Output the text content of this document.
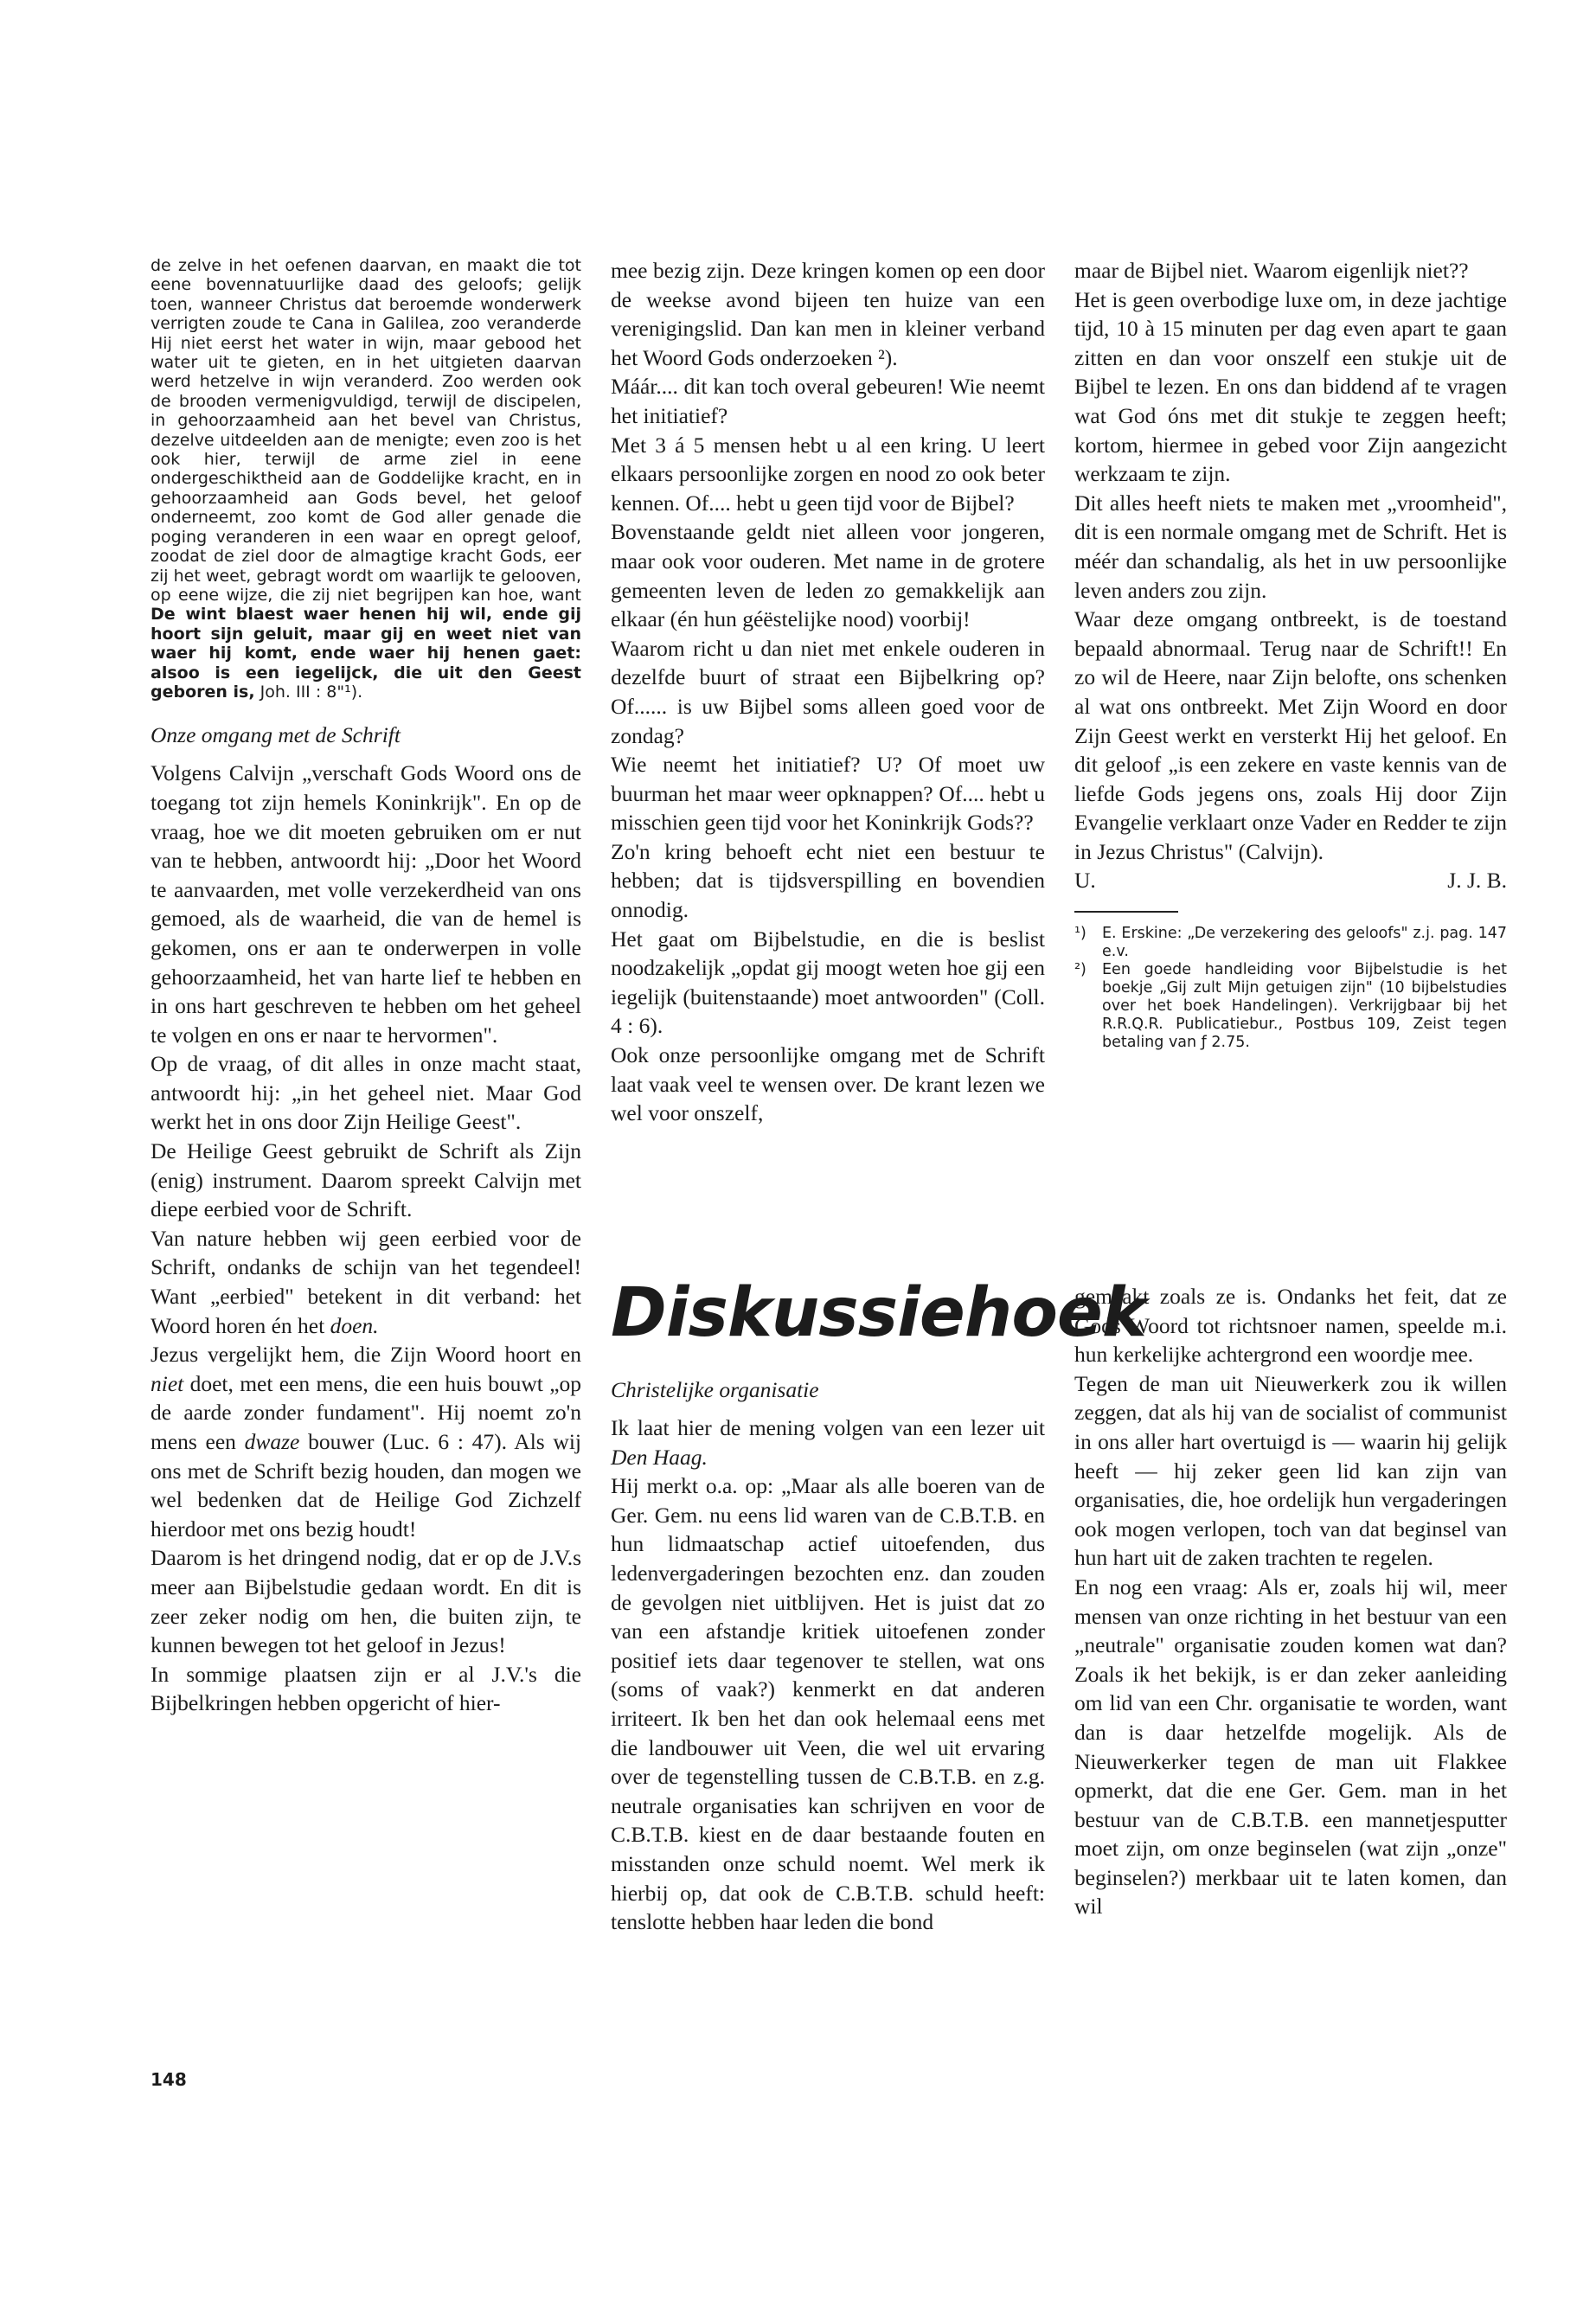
de zelve in het oefenen daarvan, en maakt die tot eene bovennatuurlijke daad des geloofs; gelijk toen, wanneer Christus dat beroemde wonderwerk verrigten zoude te Cana in Galilea, zoo veranderde Hij niet eerst het water in wijn, maar gebood het water uit te gieten, en in het uitgieten daarvan werd hetzelve in wijn veranderd. Zoo werden ook de brooden vermenigvuldigd, terwijl de discipelen, in gehoorzaamheid aan het bevel van Christus, dezelve uitdeelden aan de menigte; even zoo is het ook hier, terwijl de arme ziel in eene ondergeschiktheid aan de Goddelijke kracht, en in gehoorzaamheid aan Gods bevel, het geloof onderneemt, zoo komt de God aller genade die poging veranderen in een waar en opregt geloof, zoodat de ziel door de almagtige kracht Gods, eer zij het weet, gebragt wordt om waarlijk te gelooven, op eene wijze, die zij niet begrijpen kan hoe, want De wint blaest waer henen hij wil, ende gij hoort sijn geluit, maar gij en weet niet van waer hij komt, ende waer hij henen gaet: alsoo is een iegelijck, die uit den Geest geboren is, Joh. III : 8"¹).

Onze omgang met de Schrift

Volgens Calvijn „verschaft Gods Woord ons de toegang tot zijn hemels Koninkrijk". En op de vraag, hoe we dit moeten gebruiken om er nut van te hebben, antwoordt hij: „Door het Woord te aanvaarden, met volle verzekerdheid van ons gemoed, als de waarheid, die van de hemel is gekomen, ons er aan te onderwerpen in volle gehoorzaamheid, het van harte lief te hebben en in ons hart geschreven te hebben om het geheel te volgen en ons er naar te hervormen".

Op de vraag, of dit alles in onze macht staat, antwoordt hij: „in het geheel niet. Maar God werkt het in ons door Zijn Heilige Geest".

De Heilige Geest gebruikt de Schrift als Zijn (enig) instrument. Daarom spreekt Calvijn met diepe eerbied voor de Schrift.

Van nature hebben wij geen eerbied voor de Schrift, ondanks de schijn van het tegendeel! Want „eerbied" betekent in dit verband: het Woord horen én het doen.

Jezus vergelijkt hem, die Zijn Woord hoort en niet doet, met een mens, die een huis bouwt „op de aarde zonder fundament". Hij noemt zo'n mens een dwaze bouwer (Luc. 6 : 47). Als wij ons met de Schrift bezig houden, dan mogen we wel bedenken dat de Heilige God Zichzelf hierdoor met ons bezig houdt!

Daarom is het dringend nodig, dat er op de J.V.s meer aan Bijbelstudie gedaan wordt. En dit is zeer zeker nodig om hen, die buiten zijn, te kunnen bewegen tot het geloof in Jezus!

In sommige plaatsen zijn er al J.V.'s die Bijbelkringen hebben opgericht of hier-

mee bezig zijn. Deze kringen komen op een door de weekse avond bijeen ten huize van een verenigingslid. Dan kan men in kleiner verband het Woord Gods onderzoeken ²).

Máár.... dit kan toch overal gebeuren! Wie neemt het initiatief?

Met 3 á 5 mensen hebt u al een kring. U leert elkaars persoonlijke zorgen en nood zo ook beter kennen. Of.... hebt u geen tijd voor de Bijbel?

Bovenstaande geldt niet alleen voor jongeren, maar ook voor ouderen. Met name in de grotere gemeenten leven de leden zo gemakkelijk aan elkaar (én hun géëstelijke nood) voorbij!

Waarom richt u dan niet met enkele ouderen in dezelfde buurt of straat een Bijbelkring op? Of...... is uw Bijbel soms alleen goed voor de zondag?

Wie neemt het initiatief? U? Of moet uw buurman het maar weer opknappen? Of.... hebt u misschien geen tijd voor het Koninkrijk Gods??

Zo'n kring behoeft echt niet een bestuur te hebben; dat is tijdsverspilling en bovendien onnodig.

Het gaat om Bijbelstudie, en die is beslist noodzakelijk „opdat gij moogt weten hoe gij een iegelijk (buitenstaande) moet antwoorden" (Coll. 4 : 6).

Ook onze persoonlijke omgang met de Schrift laat vaak veel te wensen over. De krant lezen we wel voor onszelf,

maar de Bijbel niet. Waarom eigenlijk niet??

Het is geen overbodige luxe om, in deze jachtige tijd, 10 à 15 minuten per dag even apart te gaan zitten en dan voor onszelf een stukje uit de Bijbel te lezen. En ons dan biddend af te vragen wat God óns met dit stukje te zeggen heeft; kortom, hiermee in gebed voor Zijn aangezicht werkzaam te zijn.

Dit alles heeft niets te maken met „vroomheid", dit is een normale omgang met de Schrift. Het is méér dan schandalig, als het in uw persoonlijke leven anders zou zijn.

Waar deze omgang ontbreekt, is de toestand bepaald abnormaal. Terug naar de Schrift!! En zo wil de Heere, naar Zijn belofte, ons schenken al wat ons ontbreekt. Met Zijn Woord en door Zijn Geest werkt en versterkt Hij het geloof. En dit geloof „is een zekere en vaste kennis van de liefde Gods jegens ons, zoals Hij door Zijn Evangelie verklaart onze Vader en Redder te zijn in Jezus Christus" (Calvijn).

U.	J. J. B.
¹)	E. Erskine: „De verzekering des geloofs" z.j. pag. 147 e.v.
²)	Een goede handleiding voor Bijbelstudie is het boekje „Gij zult Mijn getuigen zijn" (10 bijbelstudies over het boek Handelingen). Verkrijgbaar bij het R.R.Q.R. Publicatiebur., Postbus 109, Zeist tegen betaling van ƒ 2.75.
Diskussiehoek
Christelijke organisatie

Ik laat hier de mening volgen van een lezer uit Den Haag.

Hij merkt o.a. op: „Maar als alle boeren van de Ger. Gem. nu eens lid waren van de C.B.T.B. en hun lidmaatschap actief uitoefenden, dus ledenvergaderingen bezochten enz. dan zouden de gevolgen niet uitblijven. Het is juist dat zo van een afstandje kritiek uitoefenen zonder positief iets daar tegenover te stellen, wat ons (soms of vaak?) kenmerkt en dat anderen irriteert. Ik ben het dan ook helemaal eens met die landbouwer uit Veen, die wel uit ervaring over de tegenstelling tussen de C.B.T.B. en z.g. neutrale organisaties kan schrijven en voor de C.B.T.B. kiest en de daar bestaande fouten en misstanden onze schuld noemt. Wel merk ik hierbij op, dat ook de C.B.T.B. schuld heeft: tenslotte hebben haar leden die bond

gemaakt zoals ze is. Ondanks het feit, dat ze Gods Woord tot richtsnoer namen, speelde m.i. hun kerkelijke achtergrond een woordje mee.

Tegen de man uit Nieuwerkerk zou ik willen zeggen, dat als hij van de socialist of communist in ons aller hart overtuigd is — waarin hij gelijk heeft — hij zeker geen lid kan zijn van organisaties, die, hoe ordelijk hun vergaderingen ook mogen verlopen, toch van dat beginsel van hun hart uit de zaken trachten te regelen.

En nog een vraag: Als er, zoals hij wil, meer mensen van onze richting in het bestuur van een „neutrale" organisatie zouden komen wat dan? Zoals ik het bekijk, is er dan zeker aanleiding om lid van een Chr. organisatie te worden, want dan is daar hetzelfde mogelijk. Als de Nieuwerkerker tegen de man uit Flakkee opmerkt, dat die ene Ger. Gem. man in het bestuur van de C.B.T.B. een mannetjesputter moet zijn, om onze beginselen (wat zijn „onze" beginselen?) merkbaar uit te laten komen, dan wil

148
